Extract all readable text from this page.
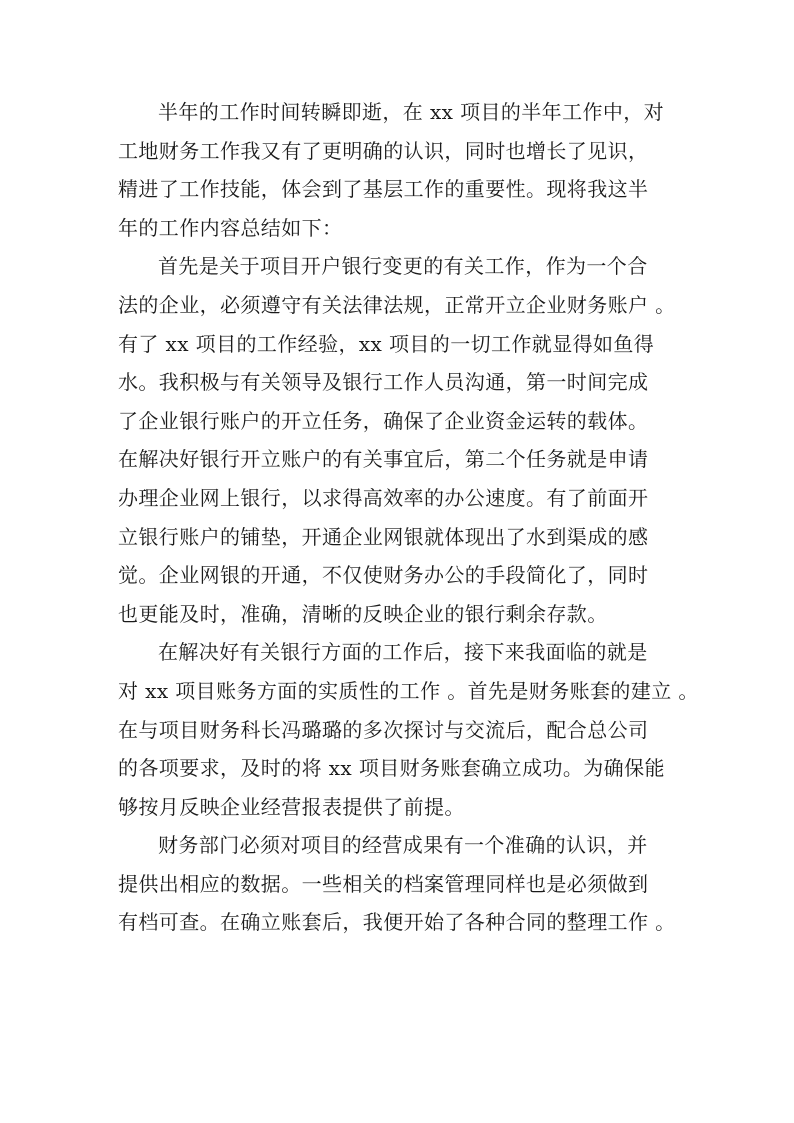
半年的工作时间转瞬即逝，在 xx 项目的半年工作中，对
工地财务工作我又有了更明确的认识，同时也增长了见识，
精进了工作技能，体会到了基层工作的重要性。现将我这半
年的工作内容总结如下：
首先是关于项目开户银行变更的有关工作，作为一个合
法的企业，必须遵守有关法律法规，正常开立企业财务账户 。
有了 xx 项目的工作经验，xx 项目的一切工作就显得如鱼得
水。我积极与有关领导及银行工作人员沟通，第一时间完成
了企业银行账户的开立任务，确保了企业资金运转的载体。
在解决好银行开立账户的有关事宜后，第二个任务就是申请
办理企业网上银行，以求得高效率的办公速度。有了前面开
立银行账户的铺垫，开通企业网银就体现出了水到渠成的感
觉。企业网银的开通，不仅使财务办公的手段简化了，同时
也更能及时，准确，清晰的反映企业的银行剩余存款。
在解决好有关银行方面的工作后，接下来我面临的就是
对 xx 项目账务方面的实质性的工作 。首先是财务账套的建立 。
在与项目财务科长冯璐璐的多次探讨与交流后，配合总公司
的各项要求，及时的将 xx 项目财务账套确立成功。为确保能
够按月反映企业经营报表提供了前提。
财务部门必须对项目的经营成果有一个准确的认识，并
提供出相应的数据。一些相关的档案管理同样也是必须做到
有档可查。在确立账套后，我便开始了各种合同的整理工作 。
